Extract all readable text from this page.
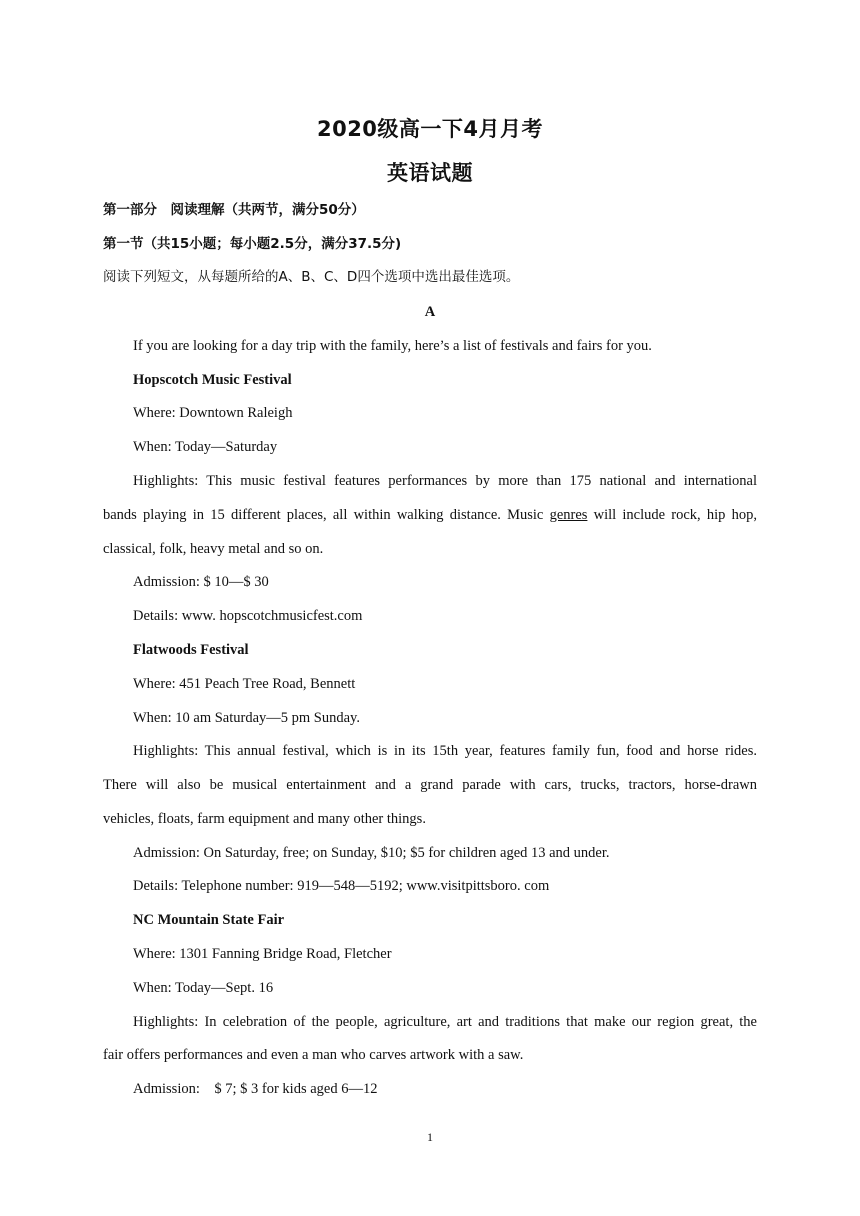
2020级高一下4月月考
英语试题
第一部分　阅读理解（共两节，满分50分）
第一节（共15小题；每小题2.5分，满分37.5分)
阅读下列短文，从每题所给的A、B、C、D四个选项中选出最佳选项。
A
If you are looking for a day trip with the family, here’s a list of festivals and fairs for you.
Hopscotch Music Festival
Where: Downtown Raleigh
When: Today—Saturday
Highlights: This music festival features performances by more than 175 national and international
bands playing in 15 different places, all within walking distance. Music genres will include rock, hip hop,
classical, folk, heavy metal and so on.
Admission: $ 10—$ 30
Details: www. hopscotchmusicfest.com
Flatwoods Festival
Where: 451 Peach Tree Road, Bennett
When: 10 am Saturday—5 pm Sunday.
Highlights: This annual festival, which is in its 15th year, features family fun, food and horse rides.
There will also be musical entertainment and a grand parade with cars, trucks, tractors, horse-drawn
vehicles, floats, farm equipment and many other things.
Admission: On Saturday, free; on Sunday, $10; $5 for children aged 13 and under.
Details: Telephone number: 919—548—5192; www.visitpittsboro. com
NC Mountain State Fair
Where: 1301 Fanning Bridge Road, Fletcher
When: Today—Sept. 16
Highlights: In celebration of the people, agriculture, art and traditions that make our region great, the
fair offers performances and even a man who carves artwork with a saw.
Admission:　$ 7; $ 3 for kids aged 6—12
1
